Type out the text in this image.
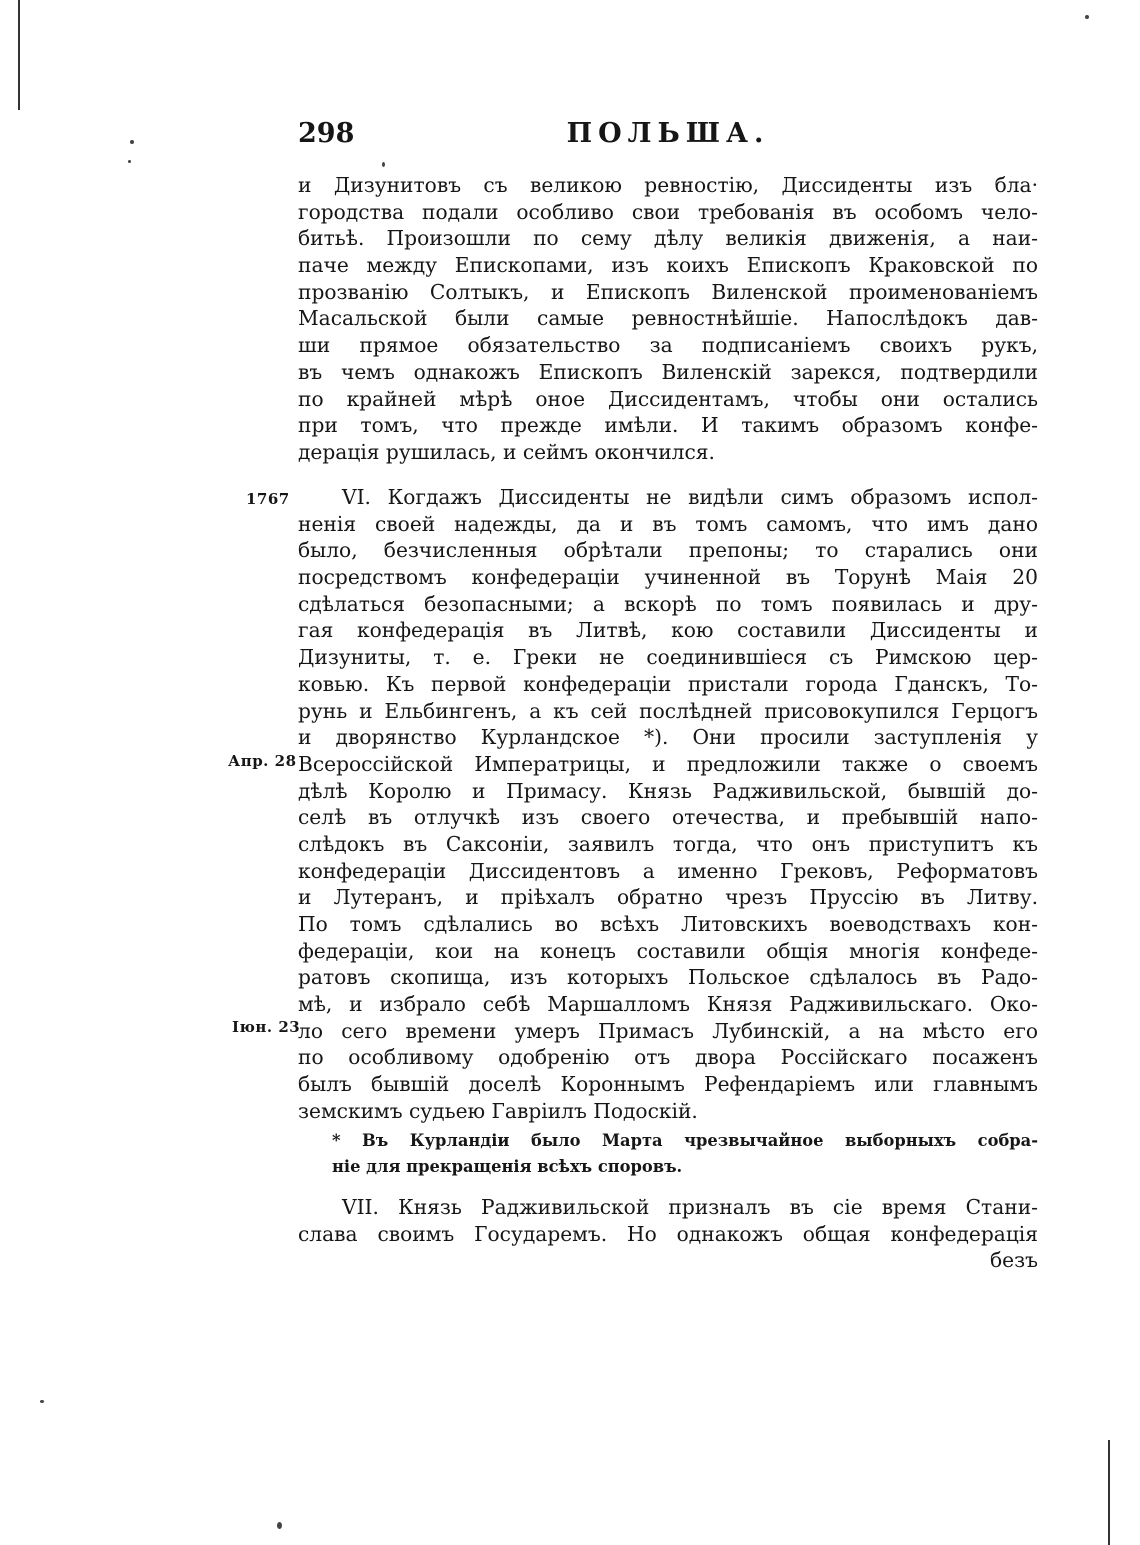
298	ПОЛЬША.
и Дизунитовъ съ великою ревностію, Диссиденты изъ бла·
городства подали особливо свои требованія въ особомъ чело-
битьѣ. Произошли по сему дѣлу великія движенія, а наи-
паче между Епископами, изъ коихъ Епископъ Краковской по
прозванію Солтыкъ, и Епископъ Виленской проименованіемъ
Масальской были самые ревностнѣйшіе. Напослѣдокъ дав-
ши прямое обязательство за подписаніемъ своихъ рукъ,
въ чемъ однакожъ Епископъ Виленскій зарекся, подтвердили
по крайней мѣрѣ оное Диссидентамъ, чтобы они остались
при томъ, что прежде имѣли. И такимъ образомъ конфе-
дерація рушилась, и сеймъ окончился.
1767
Апр. 28
Іюн. 23
VI. Когдажъ Диссиденты не видѣли симъ образомъ испол-
ненія своей надежды, да и въ томъ самомъ, что имъ дано
было, безчисленныя обрѣтали препоны; то старались они
посредствомъ конфедераціи учиненной въ Торунѣ Маія 20
сдѣлаться безопасными; а вскорѣ по томъ появилась и дру-
гая конфедерація въ Литвѣ, кою составили Диссиденты и
Дизуниты, т. е. Греки не соединившіеся съ Римскою цер-
ковью. Къ первой конфедераціи пристали города Гданскъ, То-
рунь и Ельбингенъ, а къ сей послѣдней присовокупился Герцогъ
и дворянство Курландское *). Они просили заступленія у
Всероссійской Императрицы, и предложили также о своемъ
дѣлѣ Королю и Примасу. Князь Радживильской, бывшій до-
селѣ въ отлучкѣ изъ своего отечества, и пребывшій напо-
слѣдокъ въ Саксоніи, заявилъ тогда, что онъ приступитъ къ
конфедераціи Диссидентовъ а именно Грековъ, Реформатовъ
и Лутеранъ, и пріѣхалъ обратно чрезъ Пруссію въ Литву.
По томъ сдѣлались во всѣхъ Литовскихъ воеводствахъ кон-
федераціи, кои на конецъ составили общія многія конфеде-
ратовъ скопища, изъ которыхъ Польское сдѣлалось въ Радо-
мѣ, и избрало себѣ Маршалломъ Князя Радживильскаго. Око-
ло сего времени умеръ Примасъ Лубинскій, а на мѣсто его
по особливому одобренію отъ двора Россійскаго посаженъ
былъ бывшій доселѣ Короннымъ Рефендаріемъ или главнымъ
земскимъ судьею Гавріилъ Подоскій.
* Въ Курландіи было Марта чрезвычайное выборныхъ собра-
ніе для прекращенія всѣхъ споровъ.
VII. Князь Радживильской призналъ въ сіе время Стани-
слава своимъ Государемъ. Но однакожъ общая конфедерація
безъ
